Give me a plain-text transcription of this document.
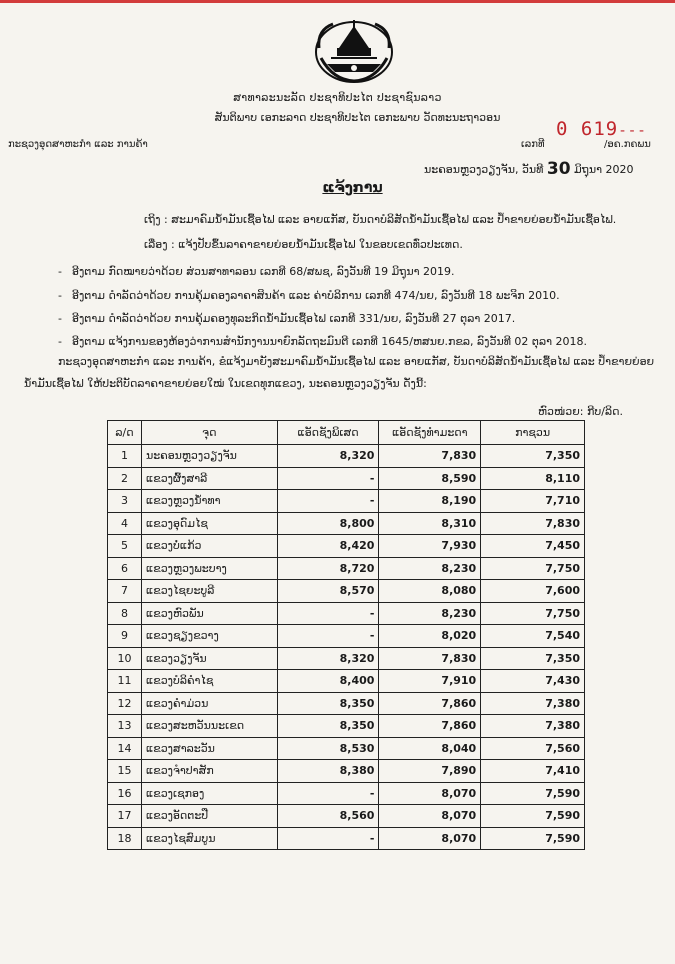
ສາທາລະນະລັດ ປະຊາທິປະໄຕ ປະຊາຊົນລາວ
ສັນຕິພາບ ເອກະລາດ ປະຊາທິປະໄຕ ເອກະພາບ ວັດທະນະຖາວອນ
ກະຊວງອຸດສາຫະກຳ ແລະ ການຄ້າ	ເລກທີ
0 619 - - -
/ອຄ.ກຄພນ
ນະຄອນຫຼວງວຽງຈັນ, ວັນທີ 30 ມິຖຸນາ 2020
ແຈ້ງການ
ເຖິງ : ສະມາຄົມນ້ຳມັນເຊື້ອໄຟ ແລະ ອາຍແກັສ, ບັນດາບໍລິສັດນ້ຳມັນເຊື້ອໄຟ ແລະ ປ້ຳຂາຍຍ່ອຍນ້ຳມັນເຊື້ອໄຟ.
ເລື່ອງ : ແຈ້ງປັບຂຶ້ນລາຄາຂາຍຍ່ອຍນ້ຳມັນເຊື້ອໄຟ ໃນຂອບເຂດທົ່ວປະເທດ.
- ອີງຕາມ ກົດໝາຍວ່າດ້ວຍ ສ່ວນສາທາລອນ ເລກທີ 68/ສພຊ, ລົງວັນທີ 19 ມິຖຸນາ 2019.
- ອີງຕາມ ດຳລັດວ່າດ້ວຍ ການຄຸ້ມຄອງລາຄາສິນຄ້າ ແລະ ຄ່າບໍລິການ ເລກທີ 474/ນຍ, ລົງວັນທີ 18 ພະຈິກ 2010.
- ອີງຕາມ ດຳລັດວ່າດ້ວຍ ການຄຸ້ມຄອງທຸລະກິດນ້ຳມັນເຊື້ອໄຟ ເລກທີ 331/ນຍ, ລົງວັນທີ 27 ຕຸລາ 2017.
- ອີງຕາມ ແຈ້ງການຂອງຫ້ອງວ່າການສຳນັກງານນາຍົກລັດຖະມົນຕີ ເລກທີ 1645/ຫສນຍ.ກຂລ, ລົງວັນທີ 02 ຕຸລາ 2018.
ກະຊວງອຸດສາຫະກຳ ແລະ ການຄ້າ, ຂໍແຈ້ງມາຍັງສະມາຄົມນ້ຳມັນເຊື້ອໄຟ ແລະ ອາຍແກັສ, ບັນດາບໍລິສັດນ້ຳມັນເຊື້ອໄຟ ແລະ ປ້ຳຂາຍຍ່ອຍ
ນ້ຳມັນເຊື້ອໄຟ ໃຫ້ປະຕິບັດລາຄາຂາຍຍ່ອຍໃໝ່ ໃນເຂດທຸກແຂວງ, ນະຄອນຫຼວງວຽງຈັນ ດັ່ງນີ້:
ຫົວໜ່ວຍ: ກີບ/ລິດ.
ລ/ດ	ຈຸດ	ແອັດຊັງພິເສດ	ແອັດຊັງທຳມະດາ	ກາຊວນ
1	ນະຄອນຫຼວງວຽງຈັນ	8,320	7,830	7,350
2	ແຂວງຜົ້ງສາລີ	-	8,590	8,110
3	ແຂວງຫຼວງນ້ຳທາ	-	8,190	7,710
4	ແຂວງອຸດົມໄຊ	8,800	8,310	7,830
5	ແຂວງບໍ່ແກ້ວ	8,420	7,930	7,450
6	ແຂວງຫຼວງພະບາງ	8,720	8,230	7,750
7	ແຂວງໄຊຍະບູລີ	8,570	8,080	7,600
8	ແຂວງຫົວພັນ	-	8,230	7,750
9	ແຂວງຊຽງຂວາງ	-	8,020	7,540
10	ແຂວງວຽງຈັນ	8,320	7,830	7,350
11	ແຂວງບໍລິຄຳໄຊ	8,400	7,910	7,430
12	ແຂວງຄຳມ່ວນ	8,350	7,860	7,380
13	ແຂວງສະຫວັນນະເຂດ	8,350	7,860	7,380
14	ແຂວງສາລະວັນ	8,530	8,040	7,560
15	ແຂວງຈຳປາສັກ	8,380	7,890	7,410
16	ແຂວງເຊກອງ	-	8,070	7,590
17	ແຂວງອັດຕະປື	8,560	8,070	7,590
18	ແຂວງໄຊສົມບູນ	-	8,070	7,590
